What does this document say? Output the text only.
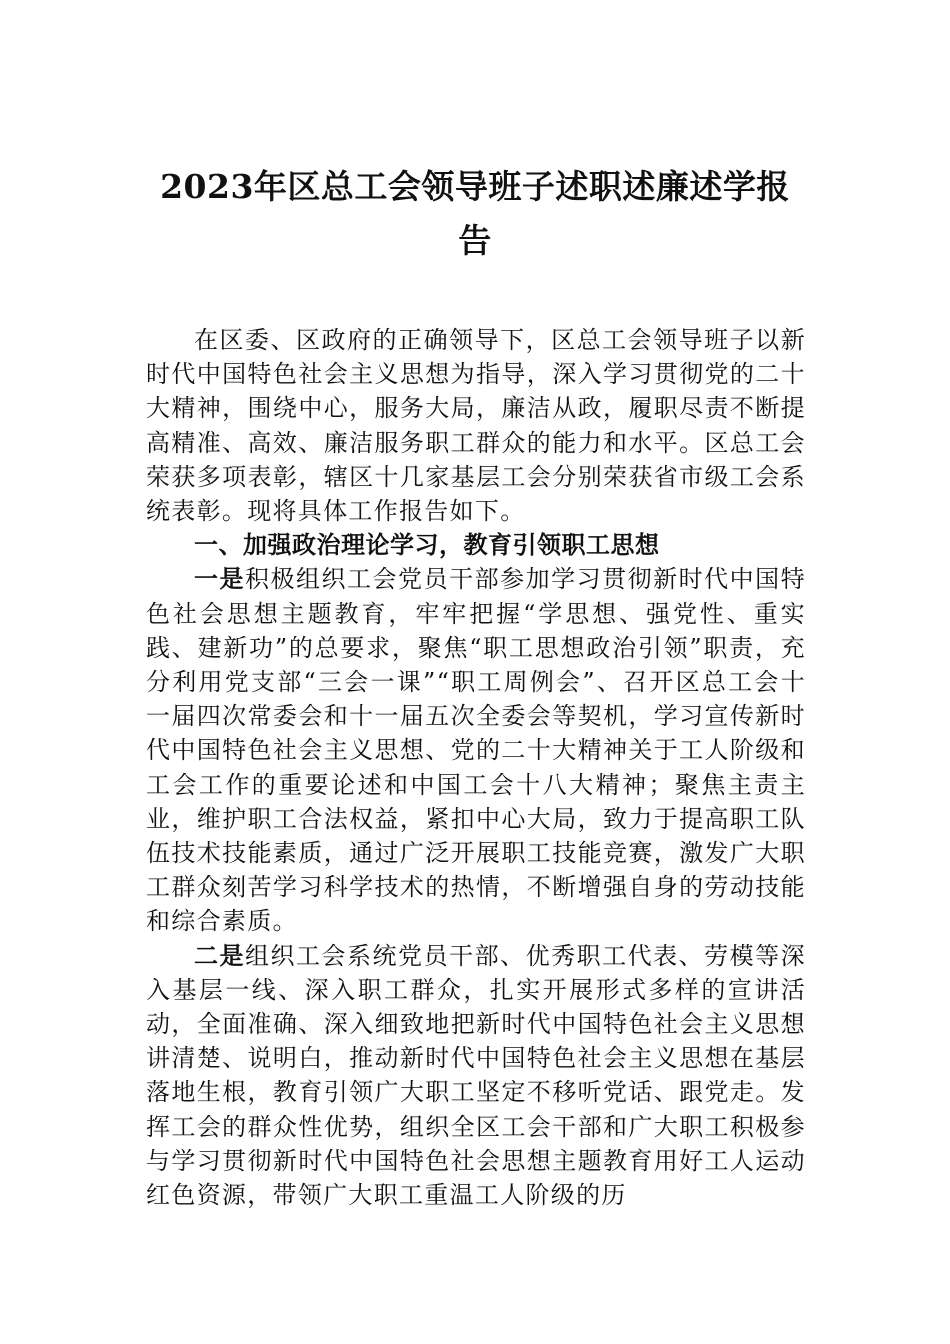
2023年区总工会领导班子述职述廉述学报
告

在区委、区政府的正确领导下，区总工会领导班子以新时代中国特色社会主义思想为指导，深入学习贯彻党的二十大精神，围绕中心，服务大局，廉洁从政，履职尽责不断提高精准、高效、廉洁服务职工群众的能力和水平。区总工会荣获多项表彰，辖区十几家基层工会分别荣获省市级工会系统表彰。现将具体工作报告如下。

一、加强政治理论学习，教育引领职工思想

一是积极组织工会党员干部参加学习贯彻新时代中国特色社会思想主题教育，牢牢把握“学思想、强党性、重实践、建新功”的总要求，聚焦“职工思想政治引领”职责，充分利用党支部“三会一课”“职工周例会”、召开区总工会十一届四次常委会和十一届五次全委会等契机，学习宣传新时代中国特色社会主义思想、党的二十大精神关于工人阶级和工会工作的重要论述和中国工会十八大精神；聚焦主责主业，维护职工合法权益，紧扣中心大局，致力于提高职工队伍技术技能素质，通过广泛开展职工技能竞赛，激发广大职工群众刻苦学习科学技术的热情，不断增强自身的劳动技能和综合素质。

二是组织工会系统党员干部、优秀职工代表、劳模等深入基层一线、深入职工群众，扎实开展形式多样的宣讲活动，全面准确、深入细致地把新时代中国特色社会主义思想讲清楚、说明白，推动新时代中国特色社会主义思想在基层落地生根，教育引领广大职工坚定不移听党话、跟党走。发挥工会的群众性优势，组织全区工会干部和广大职工积极参与学习贯彻新时代中国特色社会思想主题教育用好工人运动红色资源，带领广大职工重温工人阶级的历
